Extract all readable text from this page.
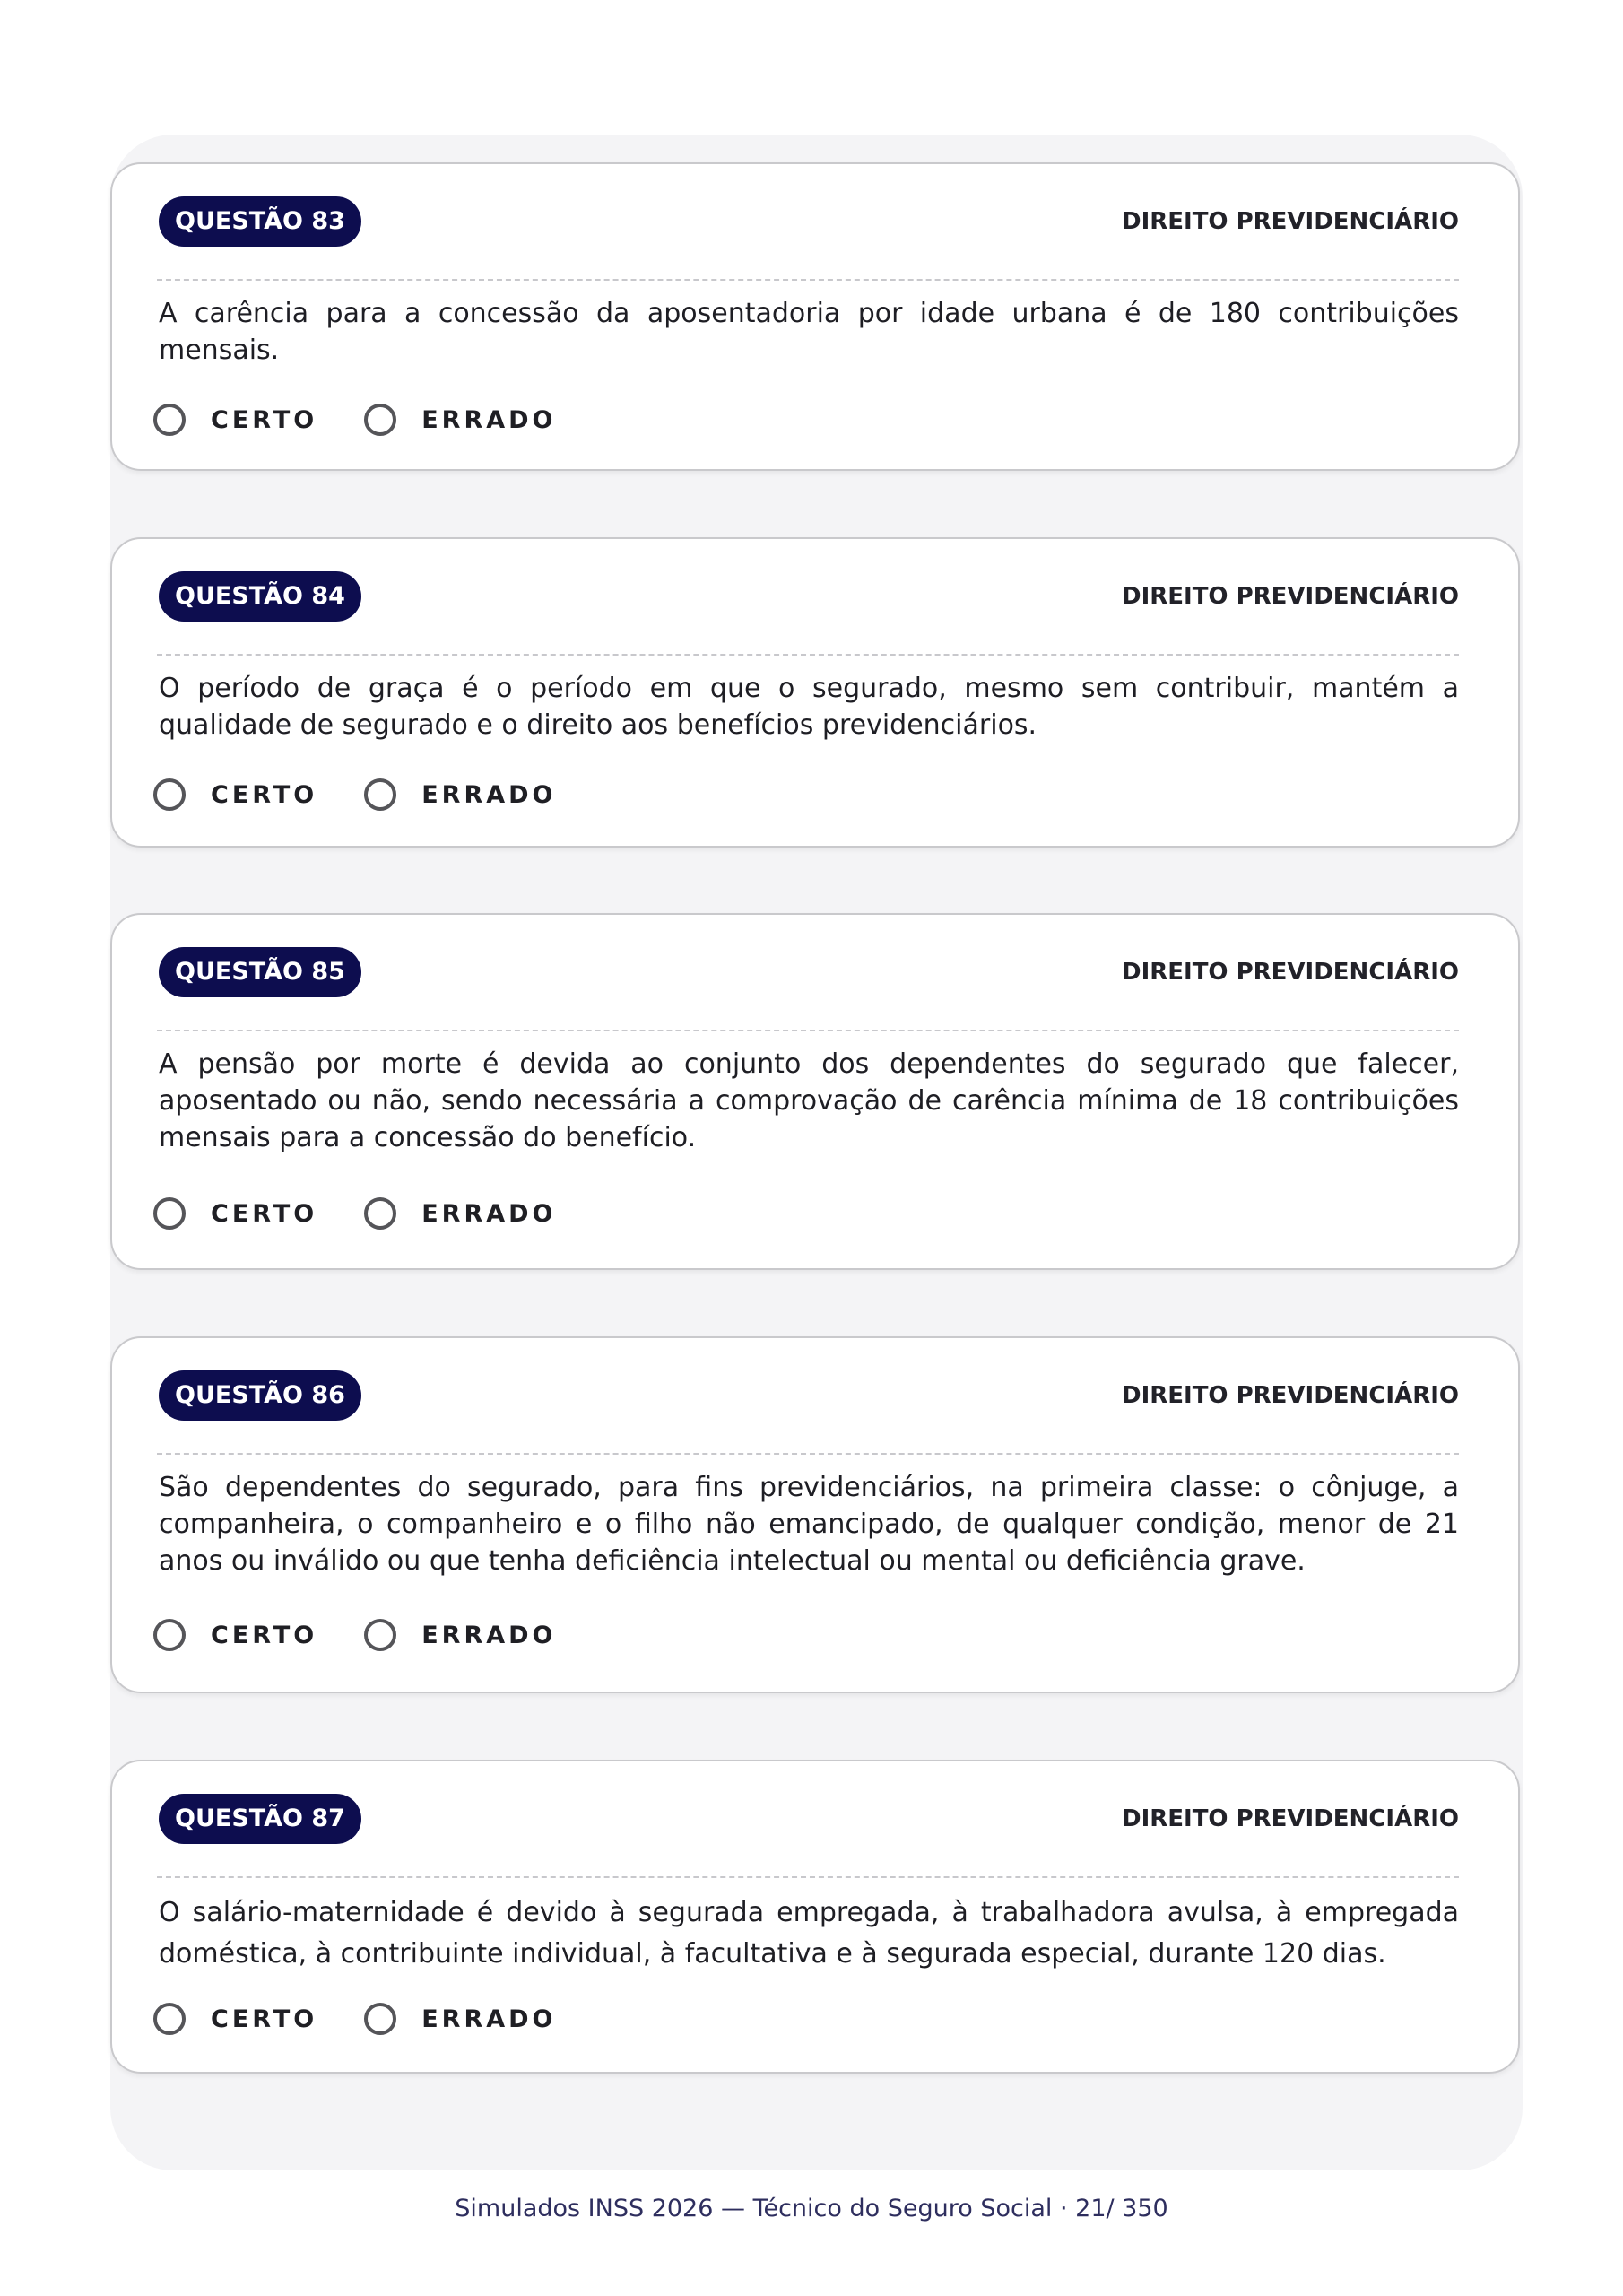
QUESTÃO 83	DIREITO PREVIDENCIÁRIO

A carência para a concessão da aposentadoria por idade urbana é de 180 contribuições mensais.

CERTO	ERRADO
QUESTÃO 84	DIREITO PREVIDENCIÁRIO

O período de graça é o período em que o segurado, mesmo sem contribuir, mantém a qualidade de segurado e o direito aos benefícios previdenciários.

CERTO	ERRADO
QUESTÃO 85	DIREITO PREVIDENCIÁRIO

A pensão por morte é devida ao conjunto dos dependentes do segurado que falecer, aposentado ou não, sendo necessária a comprovação de carência mínima de 18 contribuições mensais para a concessão do benefício.

CERTO	ERRADO
QUESTÃO 86	DIREITO PREVIDENCIÁRIO

São dependentes do segurado, para fins previdenciários, na primeira classe: o cônjuge, a companheira, o companheiro e o filho não emancipado, de qualquer condição, menor de 21 anos ou inválido ou que tenha deficiência intelectual ou mental ou deficiência grave.

CERTO	ERRADO
QUESTÃO 87	DIREITO PREVIDENCIÁRIO

O salário-maternidade é devido à segurada empregada, à trabalhadora avulsa, à empregada doméstica, à contribuinte individual, à facultativa e à segurada especial, durante 120 dias.

CERTO	ERRADO
Simulados INSS 2026 — Técnico do Seguro Social · 21/ 350
